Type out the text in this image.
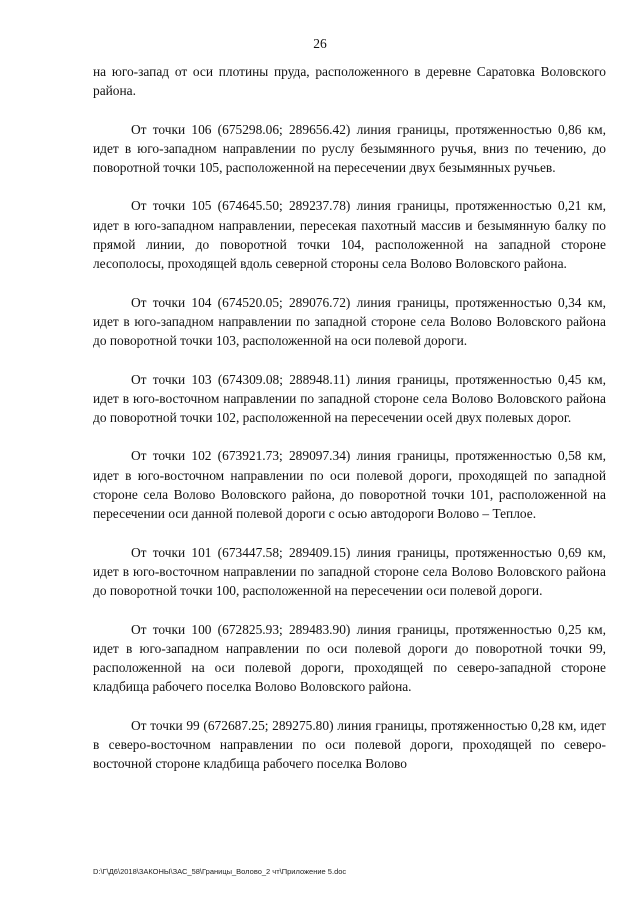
26

на юго-запад от оси плотины пруда, расположенного в деревне Саратовка Воловского района.

От точки 106 (675298.06; 289656.42) линия границы, протяженностью 0,86 км, идет в юго-западном направлении по руслу безымянного ручья, вниз по течению, до поворотной точки 105, расположенной на пересечении двух безымянных ручьев.

От точки 105 (674645.50; 289237.78) линия границы, протяженностью 0,21 км, идет в юго-западном направлении, пересекая пахотный массив и безымянную балку по прямой линии, до поворотной точки 104, расположенной на западной стороне лесополосы, проходящей вдоль северной стороны села Волово Воловского района.

От точки 104 (674520.05; 289076.72) линия границы, протяженностью 0,34 км, идет в юго-западном направлении по западной стороне села Волово Воловского района до поворотной точки 103, расположенной на оси полевой дороги.

От точки 103 (674309.08; 288948.11) линия границы, протяженностью 0,45 км, идет в юго-восточном направлении по западной стороне села Волово Воловского района до поворотной точки 102, расположенной на пересечении осей двух полевых дорог.

От точки 102 (673921.73; 289097.34) линия границы, протяженностью 0,58 км, идет в юго-восточном направлении по оси полевой дороги, проходящей по западной стороне села Волово Воловского района, до поворотной точки 101, расположенной на пересечении оси данной полевой дороги с осью автодороги Волово – Теплое.

От точки 101 (673447.58; 289409.15) линия границы, протяженностью 0,69 км, идет в юго-восточном направлении по западной стороне села Волово Воловского района до поворотной точки 100, расположенной на пересечении оси полевой дороги.

От точки 100 (672825.93; 289483.90) линия границы, протяженностью 0,25 км, идет в юго-западном направлении по оси полевой дороги до поворотной точки 99, расположенной на оси полевой дороги, проходящей по северо-западной стороне кладбища рабочего поселка Волово Воловского района.

От точки 99 (672687.25; 289275.80) линия границы, протяженностью 0,28 км, идет в северо-восточном направлении по оси полевой дороги, проходящей по северо-восточной стороне кладбища рабочего поселка Волово

D:\Г\Д6\2018\ЗАКОНЫ\ЗАС_58\Границы_Волово_2 чт\Приложение 5.doc
